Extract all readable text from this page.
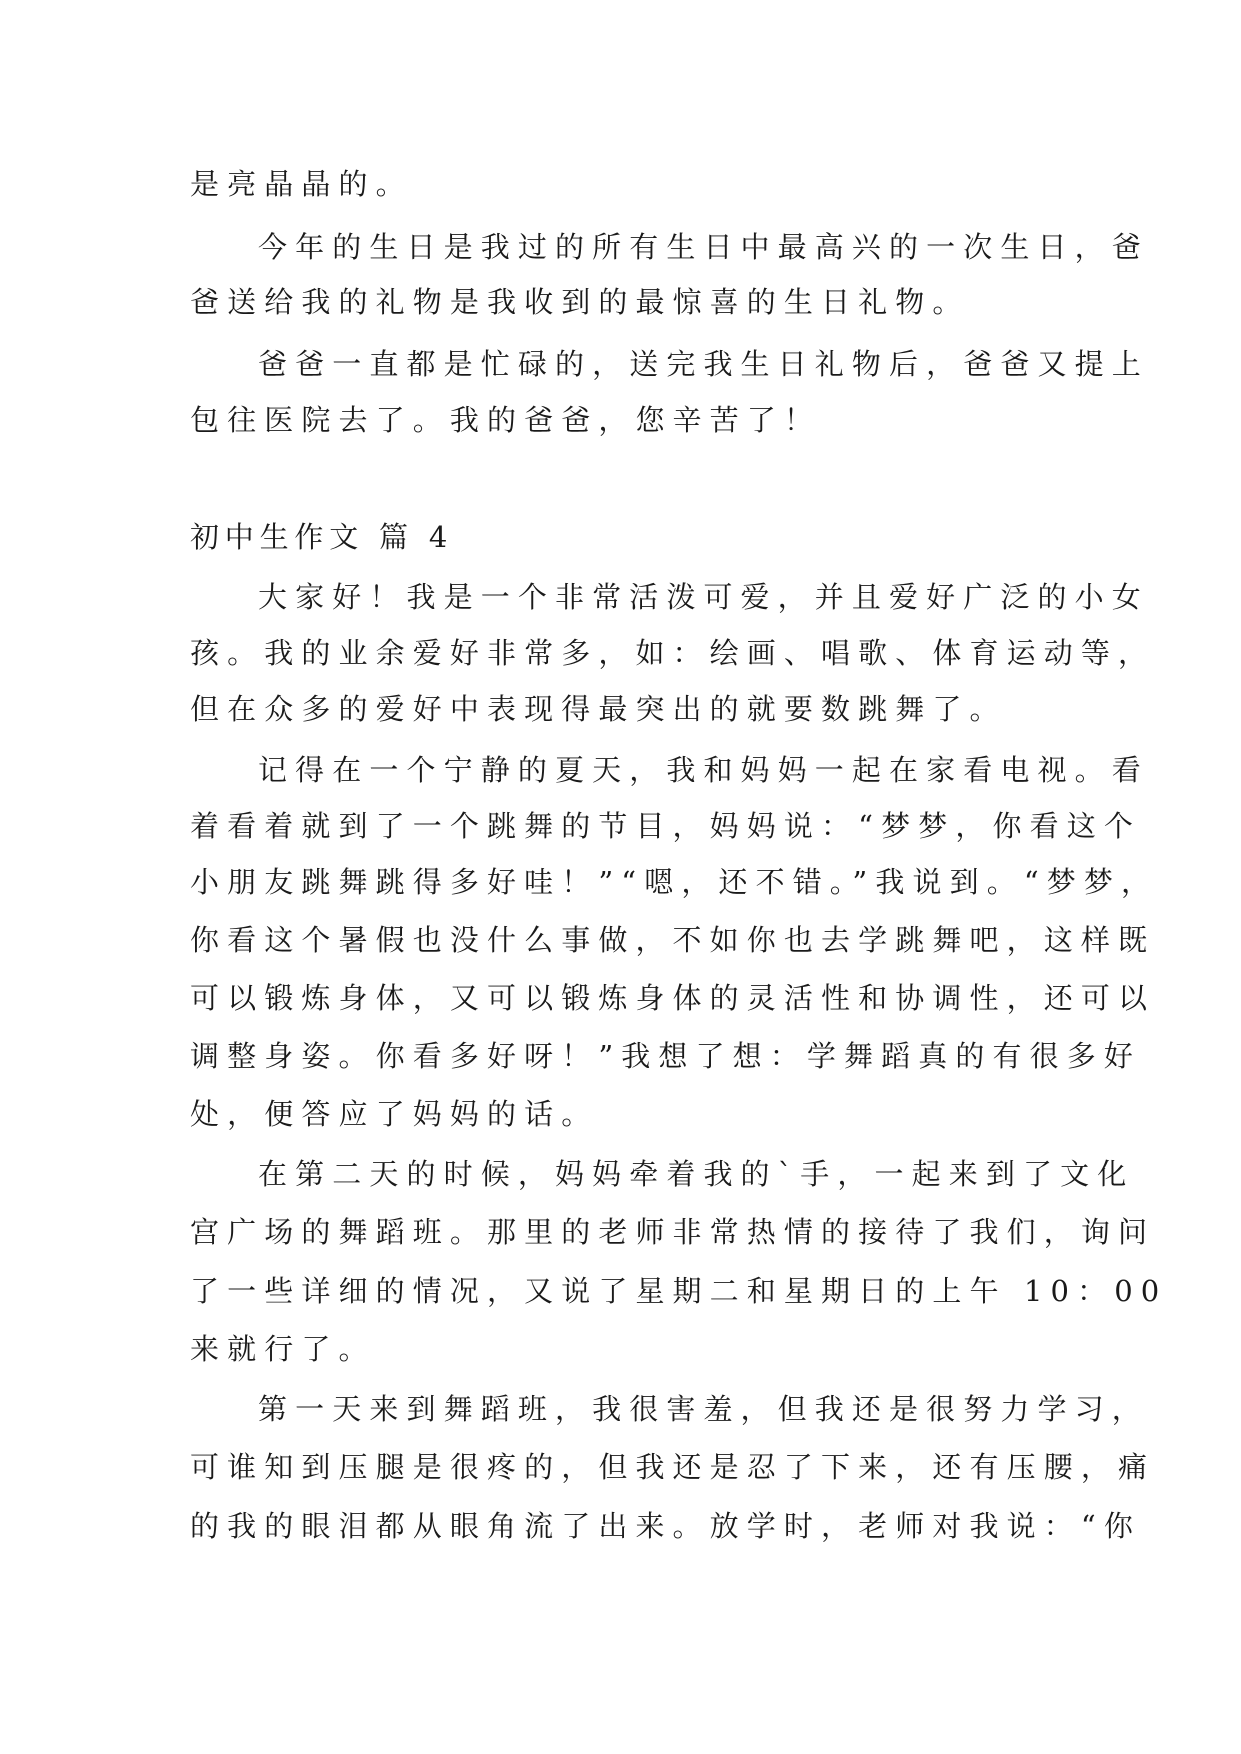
是亮晶晶的。

今年的生日是我过的所有生日中最高兴的一次生日，爸

爸送给我的礼物是我收到的最惊喜的生日礼物。

爸爸一直都是忙碌的，送完我生日礼物后，爸爸又提上

包往医院去了。我的爸爸，您辛苦了！

初中生作文 篇 4

大家好！我是一个非常活泼可爱，并且爱好广泛的小女

孩。我的业余爱好非常多，如：绘画、唱歌、体育运动等，

但在众多的爱好中表现得最突出的就要数跳舞了。

记得在一个宁静的夏天，我和妈妈一起在家看电视。看

着看着就到了一个跳舞的节目，妈妈说：“梦梦，你看这个

小朋友跳舞跳得多好哇！”“嗯，还不错。”我说到。“梦梦，

你看这个暑假也没什么事做，不如你也去学跳舞吧，这样既

可以锻炼身体，又可以锻炼身体的灵活性和协调性，还可以

调整身姿。你看多好呀！”我想了想：学舞蹈真的有很多好

处，便答应了妈妈的话。

在第二天的时候，妈妈牵着我的`手，一起来到了文化

宫广场的舞蹈班。那里的老师非常热情的接待了我们，询问

了一些详细的情况，又说了星期二和星期日的上午 10：00

来就行了。

第一天来到舞蹈班，我很害羞，但我还是很努力学习，

可谁知到压腿是很疼的，但我还是忍了下来，还有压腰，痛

的我的眼泪都从眼角流了出来。放学时，老师对我说：“你
